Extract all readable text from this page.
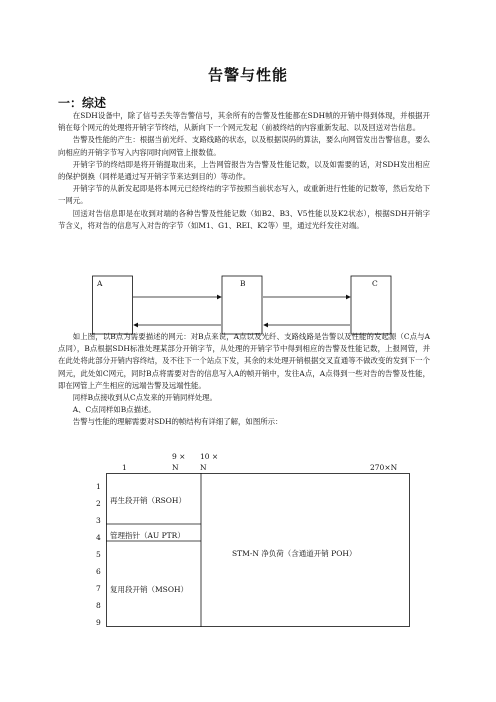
告警与性能
一：综述

在SDH设备中，除了信号丢失等告警信号，其余所有的告警及性能都在SDH帧的开销中得到体现，并根据开销在每个网元的处理将开销字节终结，从新向下一个网元发起（前被终结的内容重新发起、以及回送对告信息。

告警及性能的产生：根据当前光纤、支路线路的状态，以及根据误码的算法，要么向网管发出告警信息，要么向相应的开销字节写入内容同时向网管上报数值。

开销字节的终结即是将开销提取出来，上告网管报告为告警及性能记数，以及如需要的话，对SDH发出相应的保护倒换（同样是通过写开销字节来达到目的）等动作。

开销字节的从新发起即是将本网元已经终结的字节按照当前状态写入，或重新进行性能的记数等，然后发给下一网元。

回送对告信息即是在收到对端的各种告警及性能记数（如B2、B3、V5性能以及K2状态），根据SDH开销字节含义，将对告的信息写入对告的字节（如M1、G1、REI、K2等）里，通过光纤发往对端。

A	B	C

如上图，以B点为需要描述的网元：对B点来说，A点以及光纤、支路线路是告警以及性能的发起源（C点与A点同），B点根据SDH标准处理某部分开销字节，从处理的开销字节中得到相应的告警及性能记数，上报网管，并在此处将此部分开销内容终结，及不往下一个站点下发，其余的未处理开销根据交叉直通等不做改变的发到下一个网元，此处如C网元，同时B点将需要对告的信息写入A的帧开销中，发往A点，A点得到一些对告的告警及性能，即在网管上产生相应的远端告警及远端性能。

同样B点接收到从C点发来的开销同样处理。

A、C点同样如B点描述。

告警与性能的理解需要对SDH的帧结构有详细了解，如图所示：

9 × 10 ×
1	N	N	270×N
1
2
3
4
5
6
7
8
9
再生段开销（RSOH）
管理指针（AU PTR）
复用段开销（MSOH）
STM-N 净负荷（含通道开销 POH）
